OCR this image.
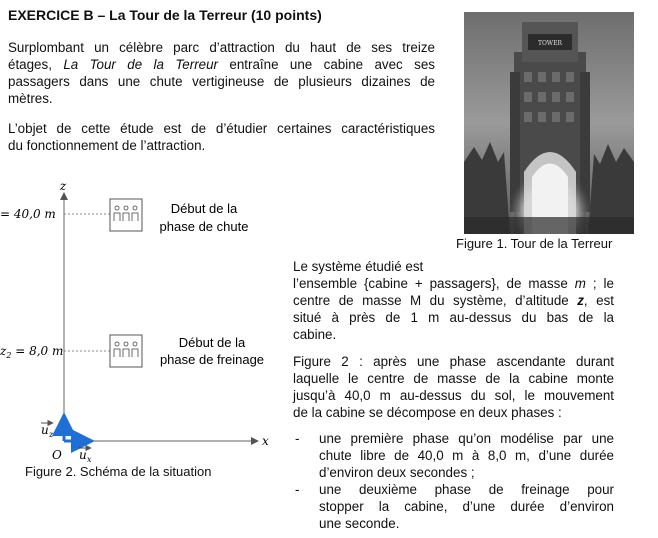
EXERCICE B – La Tour de la Terreur (10 points)
Surplombant un célèbre parc d’attraction du haut de ses treize
étages, La Tour de la Terreur entraîne une cabine avec ses
passagers dans une chute vertigineuse de plusieurs dizaines de
mètres.
L’objet de cette étude est de d’étudier certaines caractéristiques
du fonctionnement de l’attraction.
TOWER
Figure 1. Tour de la Terreur
z
x
O
u z
u x
= 40,0 m
$z_2 = 8,0$ m
Début de la
phase de chute
Début de la
phase de freinage
Figure 2. Schéma de la situation
Le système étudié est
l’ensemble {cabine + passagers}, de masse m ; le
centre de masse M du système, d’altitude z, est
situé à près de 1 m au-dessus du bas de la
cabine.
Figure 2 : après une phase ascendante durant
laquelle le centre de masse de la cabine monte
jusqu’à 40,0 m au-dessus du sol, le mouvement
de la cabine se décompose en deux phases :
- une première phase qu’on modélise par une
chute libre de 40,0 m à 8,0 m, d’une durée
d’environ deux secondes ;
- une deuxième phase de freinage pour
stopper la cabine, d’une durée d’environ
une seconde.
